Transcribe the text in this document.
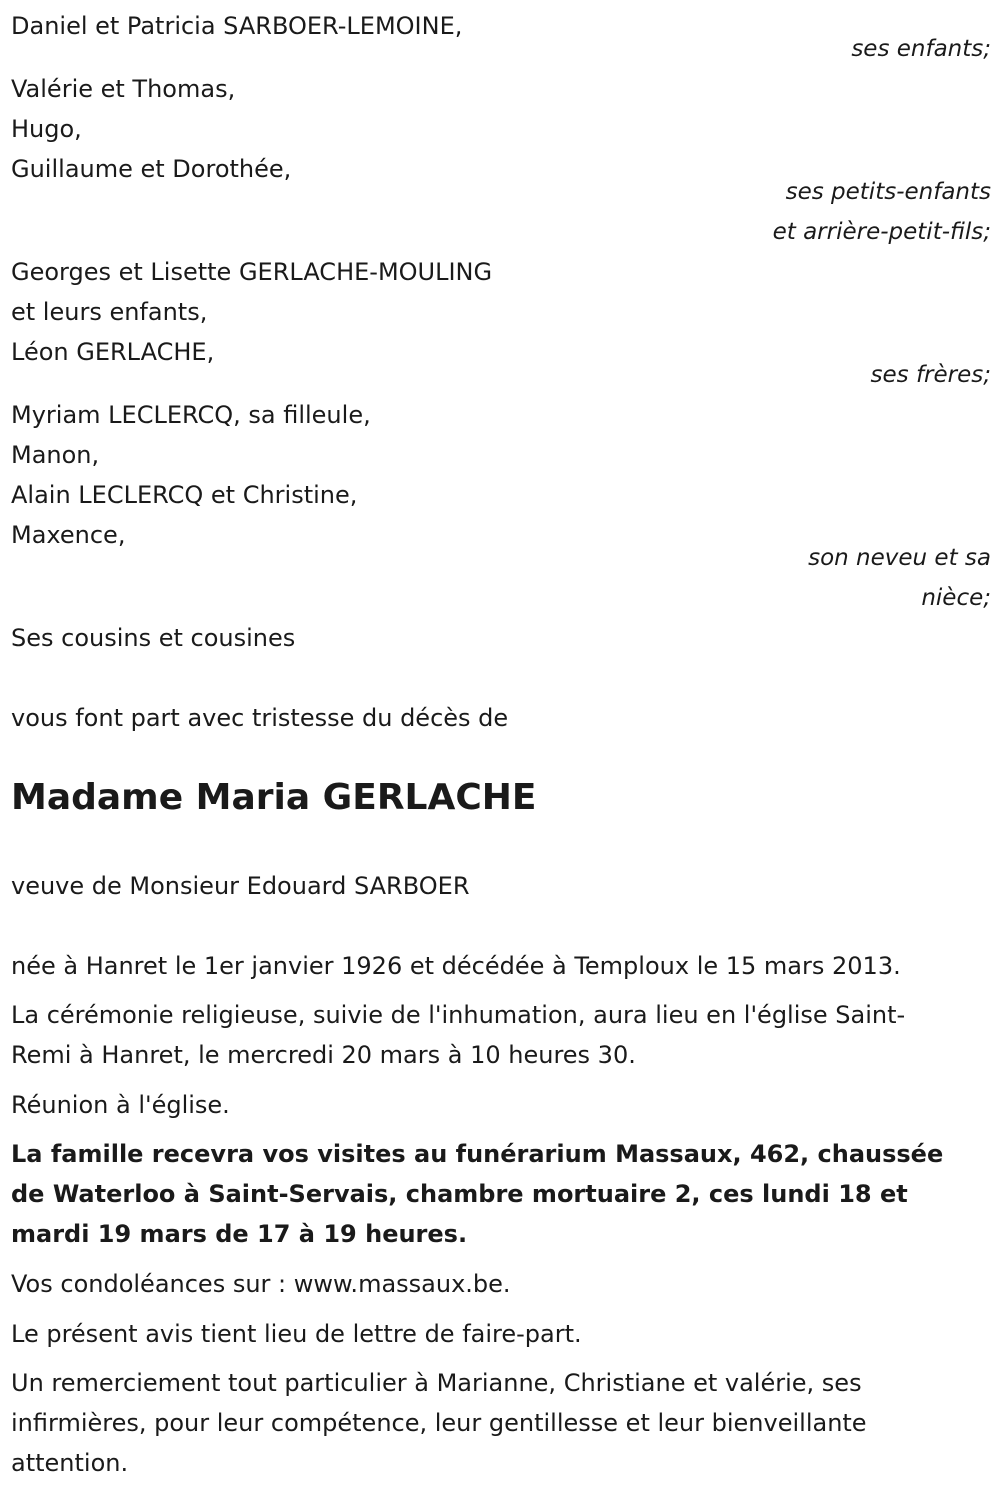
Daniel et Patricia SARBOER-LEMOINE,
ses enfants;
Valérie et Thomas,
Hugo,
Guillaume et Dorothée,
ses petits-enfants
et arrière-petit-fils;
Georges et Lisette GERLACHE-MOULING
et leurs enfants,
Léon GERLACHE,
ses frères;
Myriam LECLERCQ, sa filleule,
Manon,
Alain LECLERCQ et Christine,
Maxence,
son neveu et sa
nièce;
Ses cousins et cousines
vous font part avec tristesse du décès de
Madame Maria GERLACHE
veuve de Monsieur Edouard SARBOER
née à Hanret le 1er janvier 1926 et décédée à Temploux le 15 mars 2013.
La cérémonie religieuse, suivie de l'inhumation, aura lieu en l'église Saint-Remi à Hanret, le mercredi 20 mars à 10 heures 30.
Réunion à l'église.
La famille recevra vos visites au funérarium Massaux, 462, chaussée de Waterloo à Saint-Servais, chambre mortuaire 2, ces lundi 18 et mardi 19 mars de 17 à 19 heures.
Vos condoléances sur : www.massaux.be.
Le présent avis tient lieu de lettre de faire-part.
Un remerciement tout particulier à Marianne, Christiane et valérie, ses infirmières, pour leur compétence, leur gentillesse et leur bienveillante attention.
